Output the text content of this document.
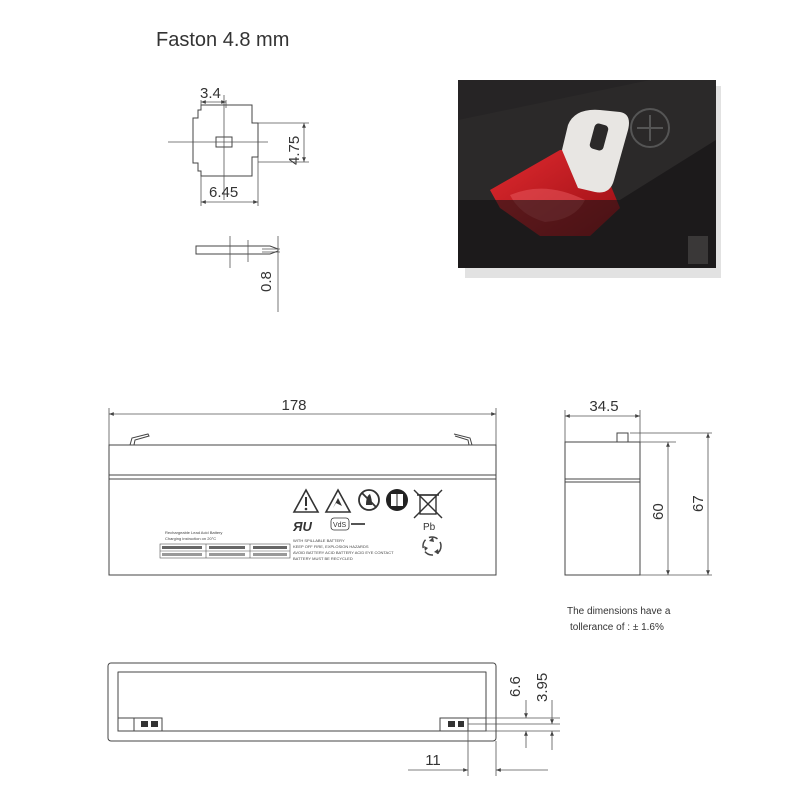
Faston 4.8 mm
3.4
4.75
6.45
0.8
178
Rechargeable Lead Acid Battery
Charging instruction on 20°C
Pb
ЯU	VdS
WITH SPILLABLE BATTERY
KEEP OFF FIRE, EXPLOSION HAZARDS
AVOID BATTERY ACID BATTERY ACID EYE CONTACT
BATTERY MUST BE RECYCLED
34.5
60 67
The dimensions have a
tollerance of : ± 1.6%
6.6 3.95
11
